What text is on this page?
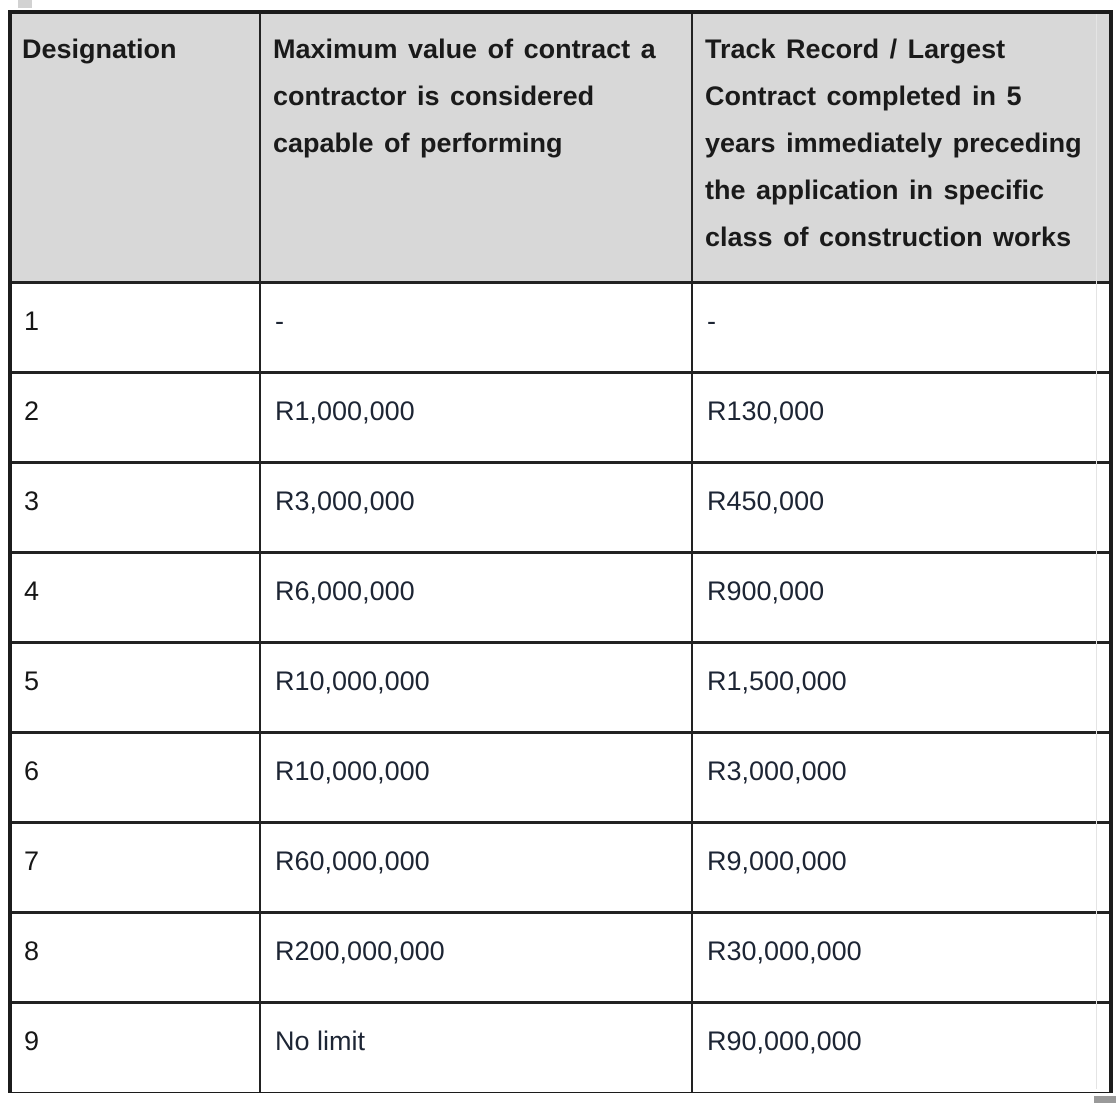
Designation	Maximum value of contract a contractor is considered capable of performing	Track Record / Largest Contract completed in 5 years immediately preceding the application in specific class of construction works
1	-	-
2	R1,000,000	R130,000
3	R3,000,000	R450,000
4	R6,000,000	R900,000
5	R10,000,000	R1,500,000
6	R10,000,000	R3,000,000
7	R60,000,000	R9,000,000
8	R200,000,000	R30,000,000
9	No limit	R90,000,000
